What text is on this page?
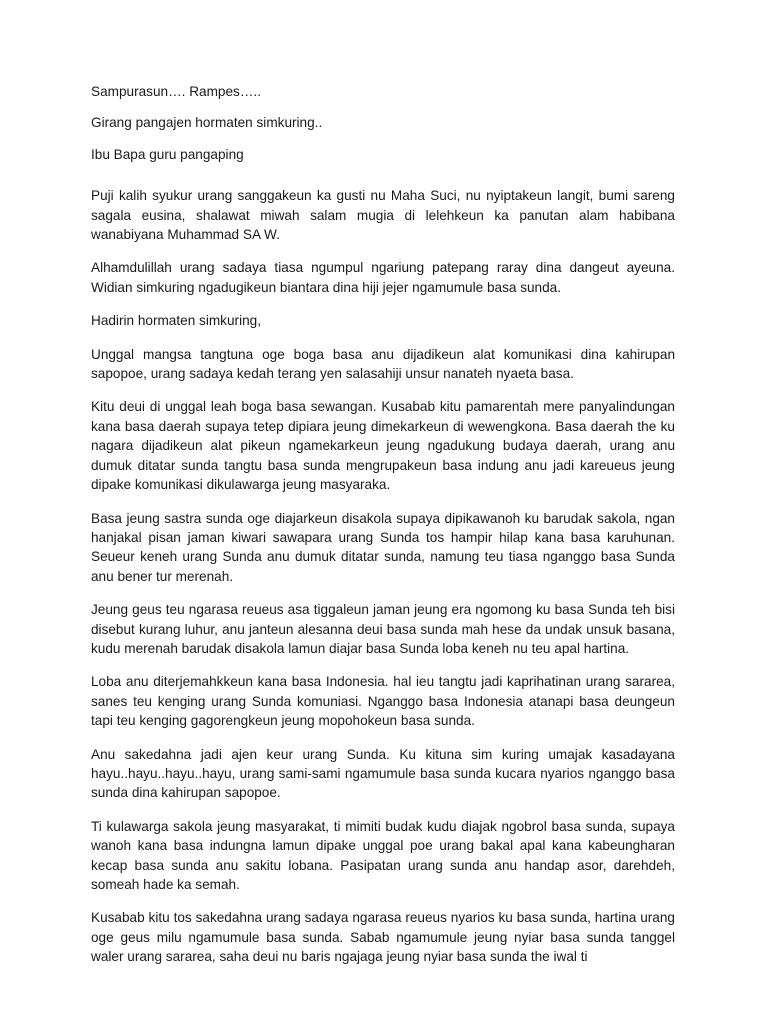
Sampurasun…. Rampes…..

Girang pangajen hormaten simkuring..

Ibu Bapa guru pangaping

Puji kalih syukur urang sanggakeun ka gusti nu Maha Suci, nu nyiptakeun langit, bumi sareng sagala eusina, shalawat miwah salam mugia di lelehkeun ka panutan alam habibana wanabiyana Muhammad SA W.

Alhamdulillah urang sadaya tiasa ngumpul ngariung patepang raray dina dangeut ayeuna. Widian simkuring ngadugikeun biantara dina hiji jejer ngamumule basa sunda.

Hadirin hormaten simkuring,

Unggal mangsa tangtuna oge boga basa anu dijadikeun alat komunikasi dina kahirupan sapopoe, urang sadaya kedah terang yen salasahiji unsur nanateh nyaeta basa.

Kitu deui di unggal leah boga basa sewangan. Kusabab kitu pamarentah mere panyalindungan kana basa daerah supaya tetep dipiara jeung dimekarkeun di wewengkona. Basa daerah the ku nagara dijadikeun alat pikeun ngamekarkeun jeung ngadukung budaya daerah, urang anu dumuk ditatar sunda tangtu basa sunda mengrupakeun basa indung anu jadi kareueus jeung dipake komunikasi dikulawarga jeung masyaraka.

Basa jeung sastra sunda oge diajarkeun disakola supaya dipikawanoh ku barudak sakola, ngan hanjakal pisan jaman kiwari sawapara urang Sunda tos hampir hilap kana basa karuhunan. Seueur keneh urang Sunda anu dumuk ditatar sunda, namung teu tiasa nganggo basa Sunda anu bener tur merenah.

Jeung geus teu ngarasa reueus asa tiggaleun jaman jeung era ngomong ku basa Sunda teh bisi disebut kurang luhur, anu janteun alesanna deui basa sunda mah hese da undak unsuk basana, kudu merenah barudak disakola lamun diajar basa Sunda loba keneh nu teu apal hartina.

Loba anu diterjemahkkeun kana basa Indonesia. hal ieu tangtu jadi kaprihatinan urang sararea, sanes teu kenging urang Sunda komuniasi. Nganggo basa Indonesia atanapi basa deungeun tapi teu kenging gagorengkeun jeung mopohokeun basa sunda.

Anu sakedahna jadi ajen keur urang Sunda. Ku kituna sim kuring umajak kasadayana hayu..hayu..hayu..hayu, urang sami-sami ngamumule basa sunda kucara nyarios nganggo basa sunda dina kahirupan sapopoe.

Ti kulawarga sakola jeung masyarakat, ti mimiti budak kudu diajak ngobrol basa sunda, supaya wanoh kana basa indungna lamun dipake unggal poe urang bakal apal kana kabeungharan kecap basa sunda anu sakitu lobana. Pasipatan urang sunda anu handap asor, darehdeh, someah hade ka semah.

Kusabab kitu tos sakedahna urang sadaya ngarasa reueus nyarios ku basa sunda, hartina urang oge geus milu ngamumule basa sunda. Sabab ngamumule jeung nyiar basa sunda tanggel waler urang sararea, saha deui nu baris ngajaga jeung nyiar basa sunda the iwal ti
